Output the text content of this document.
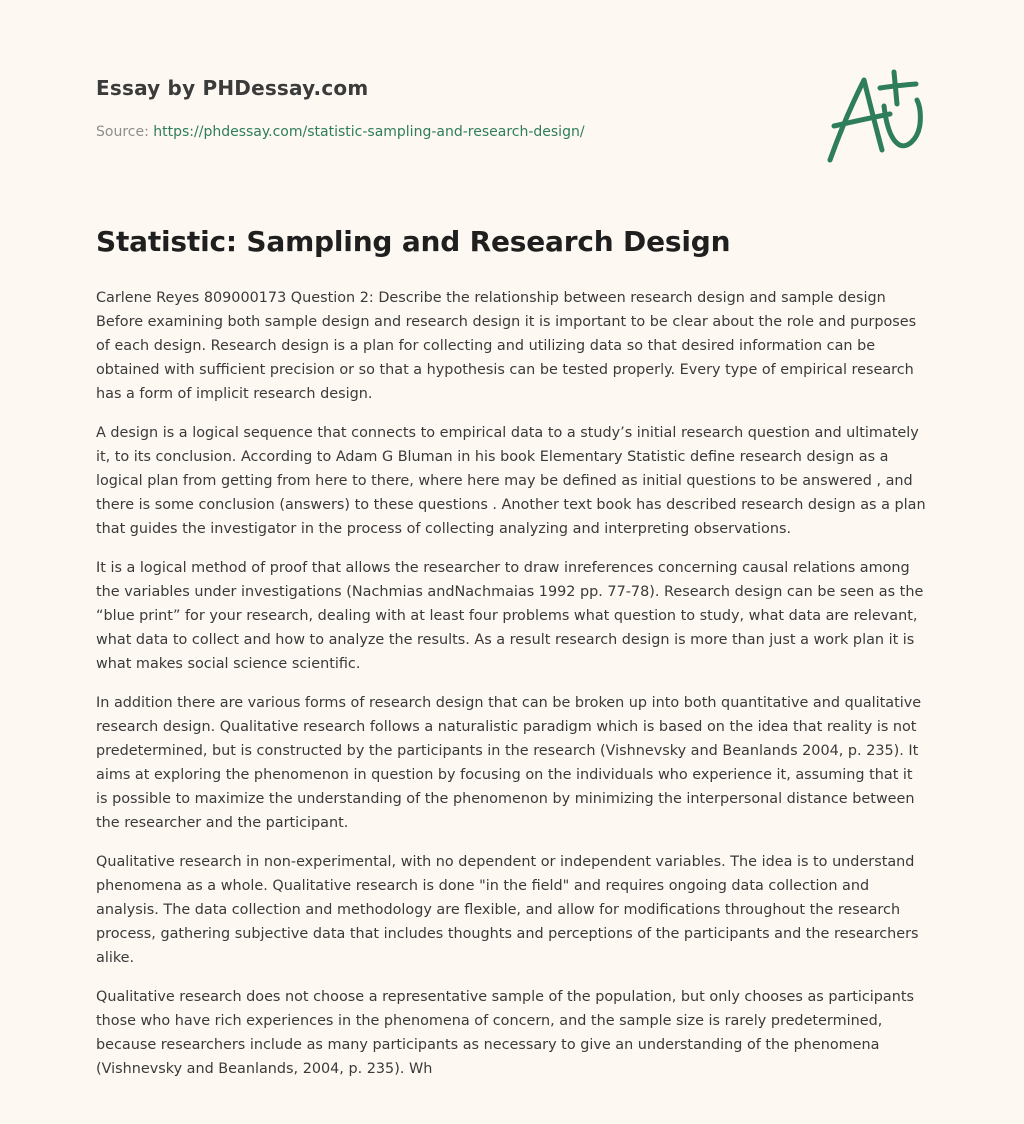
Essay by PHDessay.com
Source: https://phdessay.com/statistic-sampling-and-research-design/
Statistic: Sampling and Research Design

Carlene Reyes 809000173 Question 2: Describe the relationship between research design and sample design Before examining both sample design and research design it is important to be clear about the role and purposes of each design. Research design is a plan for collecting and utilizing data so that desired information can be obtained with sufficient precision or so that a hypothesis can be tested properly. Every type of empirical research has a form of implicit research design.

A design is a logical sequence that connects to empirical data to a study’s initial research question and ultimately it, to its conclusion. According to Adam G Bluman in his book Elementary Statistic define research design as a logical plan from getting from here to there, where here may be defined as initial questions to be answered , and there is some conclusion (answers) to these questions . Another text book has described research design as a plan that guides the investigator in the process of collecting analyzing and interpreting observations.

It is a logical method of proof that allows the researcher to draw inreferences concerning causal relations among the variables under investigations (Nachmias andNachmaias 1992 pp. 77-78). Research design can be seen as the “blue print” for your research, dealing with at least four problems what question to study, what data are relevant, what data to collect and how to analyze the results. As a result research design is more than just a work plan it is what makes social science scientific.

In addition there are various forms of research design that can be broken up into both quantitative and qualitative research design. Qualitative research follows a naturalistic paradigm which is based on the idea that reality is not predetermined, but is constructed by the participants in the research (Vishnevsky and Beanlands 2004, p. 235). It aims at exploring the phenomenon in question by focusing on the individuals who experience it, assuming that it is possible to maximize the understanding of the phenomenon by minimizing the interpersonal distance between the researcher and the participant.

Qualitative research in non-experimental, with no dependent or independent variables. The idea is to understand phenomena as a whole. Qualitative research is done "in the field" and requires ongoing data collection and analysis. The data collection and methodology are flexible, and allow for modifications throughout the research process, gathering subjective data that includes thoughts and perceptions of the participants and the researchers alike.

Qualitative research does not choose a representative sample of the population, but only chooses as participants those who have rich experiences in the phenomena of concern, and the sample size is rarely predetermined, because researchers include as many participants as necessary to give an understanding of the phenomena (Vishnevsky and Beanlands, 2004, p. 235). Wh
